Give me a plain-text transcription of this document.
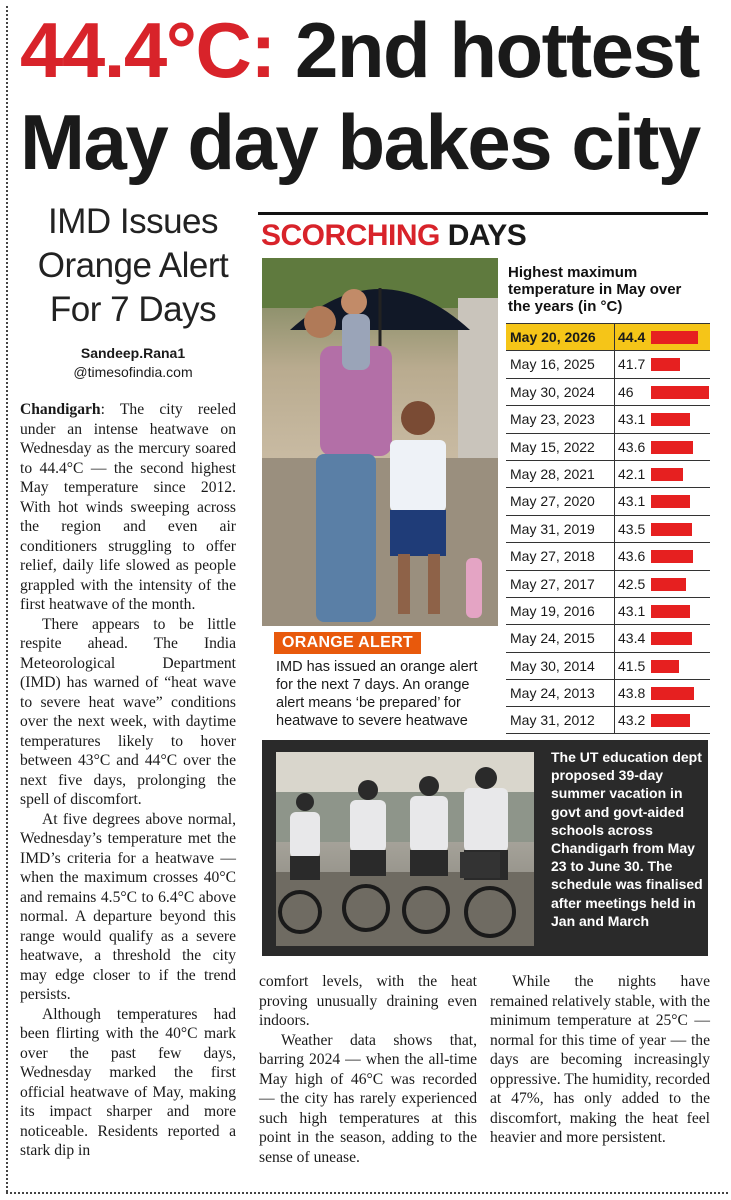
44.4°C: 2nd hottest
May day bakes city
IMD Issues
Orange Alert
For 7 Days
Sandeep.Rana1
@timesofindia.com

Chandigarh: The city reeled under an intense heatwave on Wednesday as the mercury soared to 44.4°C — the second highest May temperature since 2012. With hot winds sweeping across the region and even air conditioners struggling to offer relief, daily life slowed as people grappled with the intensity of the first heatwave of the month.

There appears to be little respite ahead. The India Meteorological Department (IMD) has warned of “heat wave to severe heat wave” conditions over the next week, with daytime temperatures likely to hover between 43°C and 44°C over the next five days, prolonging the spell of discomfort.

At five degrees above normal, Wednesday’s temperature met the IMD’s criteria for a heatwave — when the maximum crosses 40°C and remains 4.5°C to 6.4°C above normal. A departure beyond this range would qualify as a severe heatwave, a threshold the city may edge closer to if the trend persists.

Although temperatures had been flirting with the 40°C mark over the past few days, Wednesday marked the first official heatwave of May, making its impact sharper and more noticeable. Residents reported a stark dip in

comfort levels, with the heat proving unusually draining even indoors.

Weather data shows that, barring 2024 — when the all-time May high of 46°C was recorded — the city has rarely experienced such high temperatures at this point in the season, adding to the sense of unease.

While the nights have remained relatively stable, with the minimum temperature at 25°C — normal for this time of year — the days are becoming increasingly oppressive. The humidity, recorded at 47%, has only added to the discomfort, making the heat feel heavier and more persistent.

SCORCHING DAYS
Highest maximum temperature in May over the years (in °C)
May 20, 2026	44.4
May 16, 2025	41.7
May 30, 2024	46
May 23, 2023	43.1
May 15, 2022	43.6
May 28, 2021	42.1
May 27, 2020	43.1
May 31, 2019	43.5
May 27, 2018	43.6
May 27, 2017	42.5
May 19, 2016	43.1
May 24, 2015	43.4
May 30, 2014	41.5
May 24, 2013	43.8
May 31, 2012	43.2
ORANGE ALERT
IMD has issued an orange alert for the next 7 days. An orange alert means ‘be prepared’ for heatwave to severe heatwave
The UT education dept proposed 39-day summer vacation in govt and govt-aided schools across Chandigarh from May 23 to June 30. The schedule was finalised after meetings held in Jan and March
